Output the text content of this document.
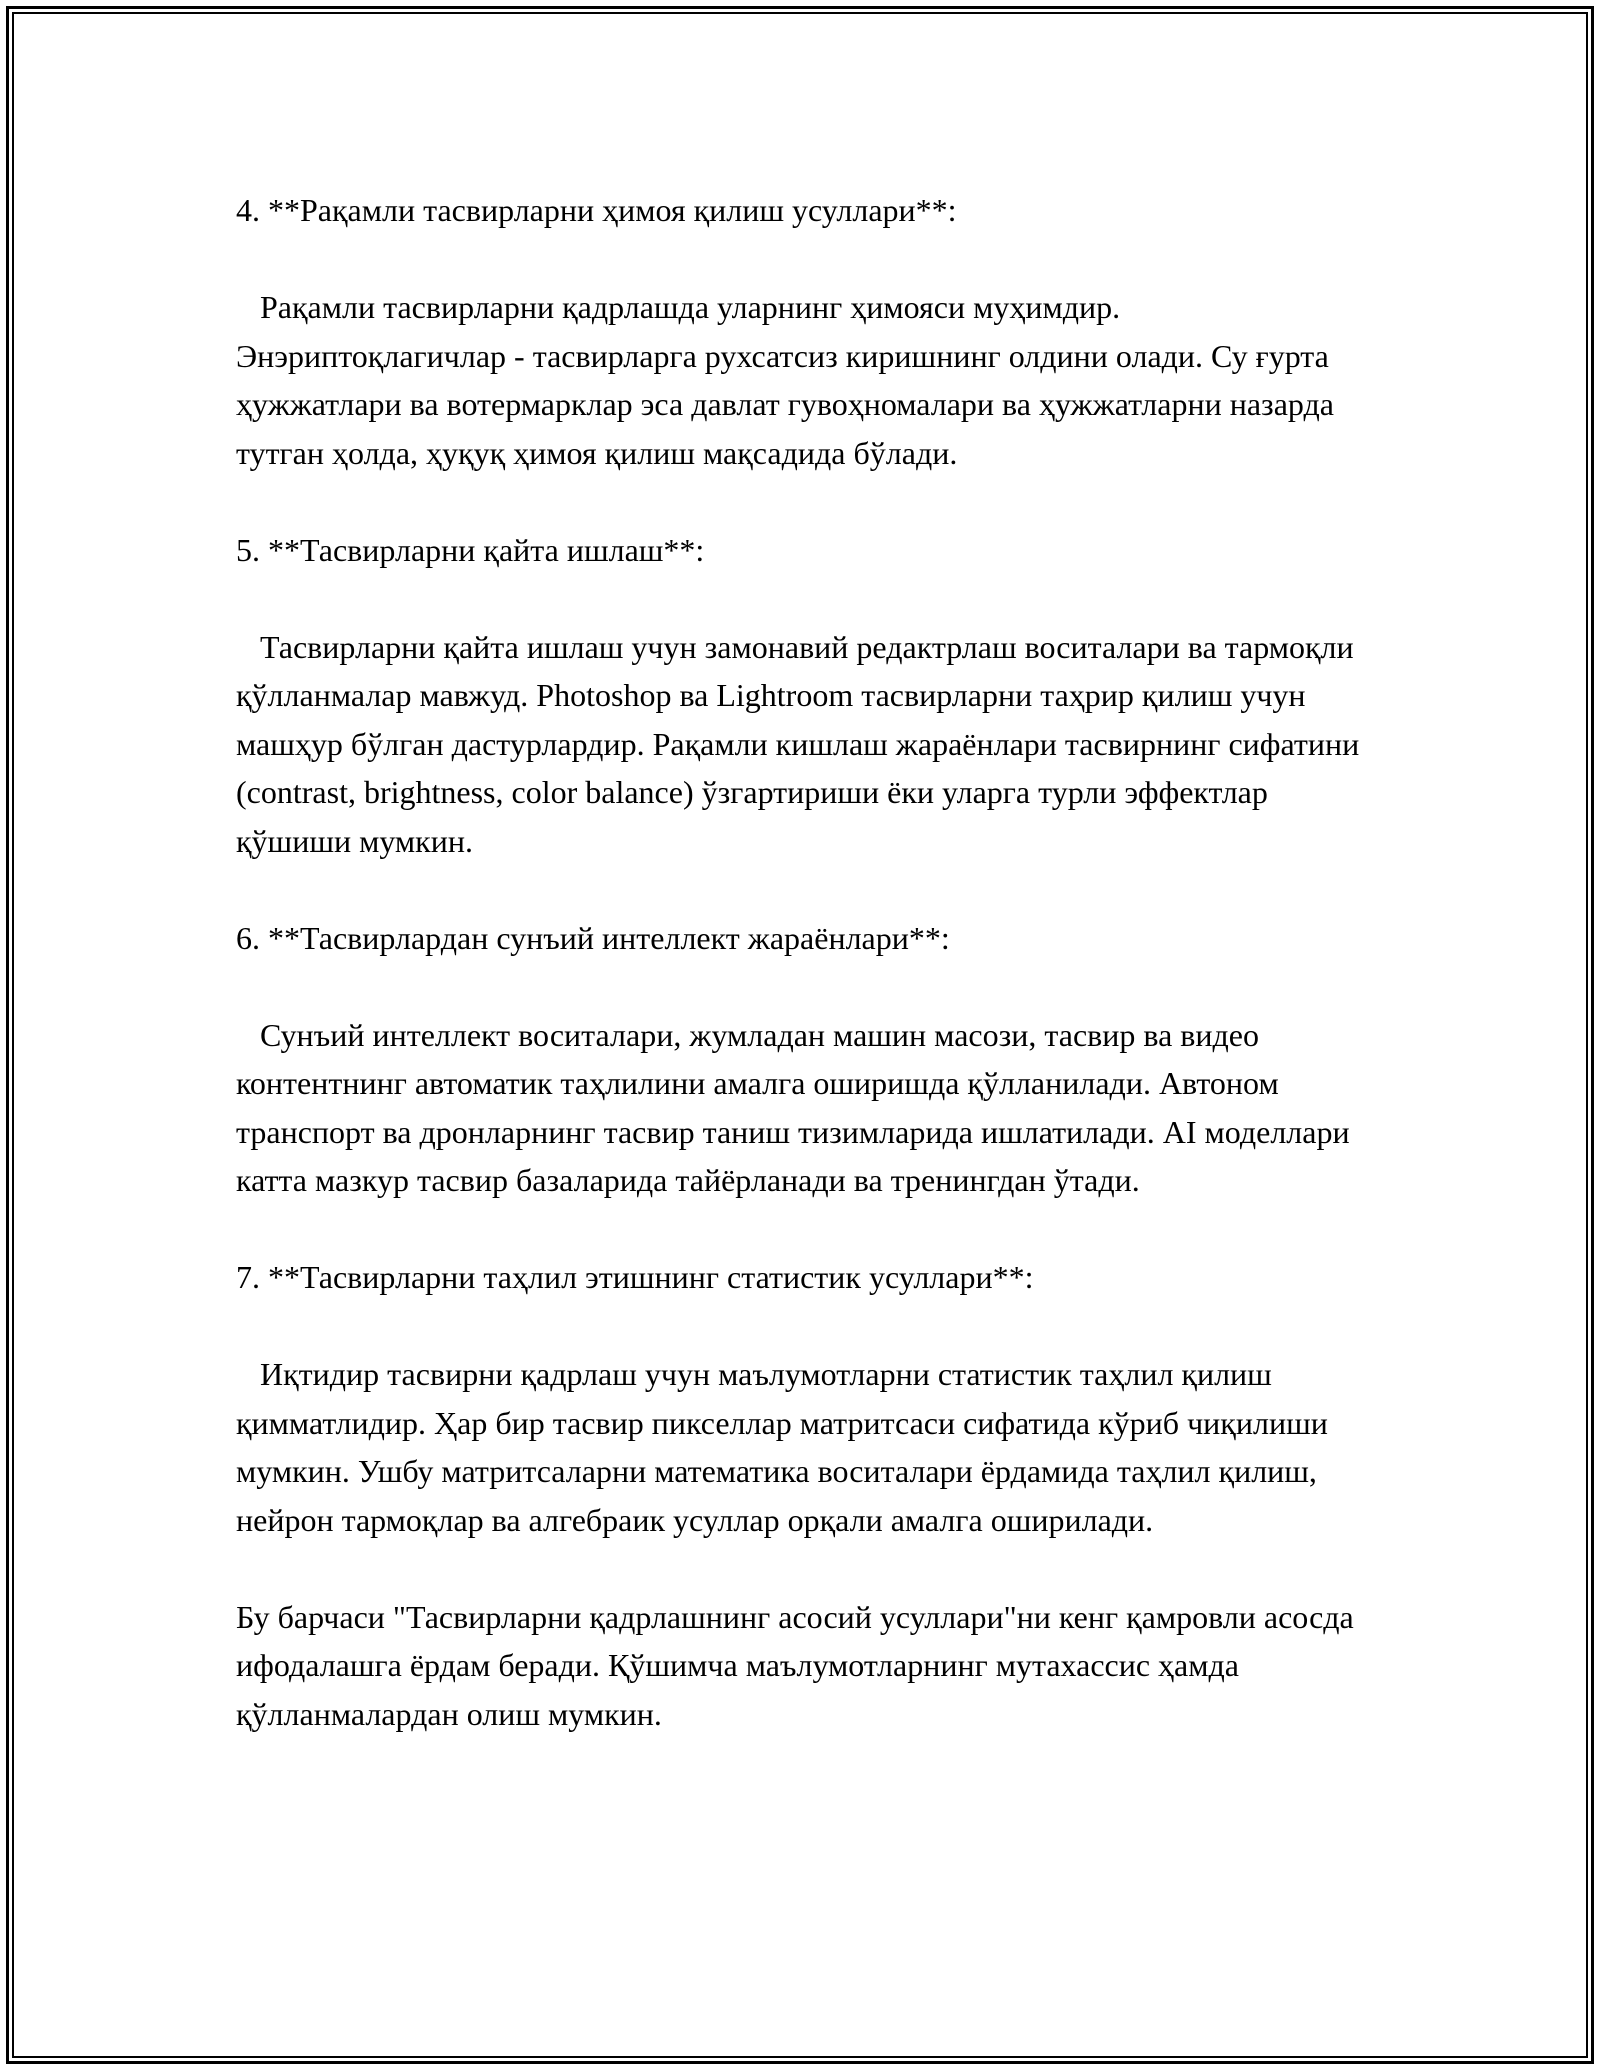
4. **Рақамли тасвирларни ҳимоя қилиш усуллари**:

Рақамли тасвирларни қадрлашда уларнинг ҳимояси муҳимдир. Энэриптоқлагичлар - тасвирларга рухсатсиз киришнинг олдини олади. Су ғурта ҳужжатлари ва вотермарклар эса давлат гувоҳномалари ва ҳужжатларни назарда тутган ҳолда, ҳуқуқ ҳимоя қилиш мақсадида бўлади.

5. **Тасвирларни қайта ишлаш**:

Тасвирларни қайта ишлаш учун замонавий редактрлаш воситалари ва тармоқли қўлланмалар мавжуд. Photoshop ва Lightroom тасвирларни таҳрир қилиш учун машҳур бўлган дастурлардир. Рақамли кишлаш жараёнлари тасвирнинг сифатини (contrast, brightness, color balance) ўзгартириши ёки уларга турли эффектлар қўшиши мумкин.

6. **Тасвирлардан сунъий интеллект жараёнлари**:

Сунъий интеллект воситалари, жумладан машин масози, тасвир ва видео контентнинг автоматик таҳлилини амалга оширишда қўлланилади. Автоном транспорт ва дронларнинг тасвир таниш тизимларида ишлатилади. AI моделлари катта мазкур тасвир базаларида тайёрланади ва тренингдан ўтади.

7. **Тасвирларни таҳлил этишнинг статистик усуллари**:

Иқтидир тасвирни қадрлаш учун маълумотларни статистик таҳлил қилиш қимматлидир. Ҳар бир тасвир пикселлар матритсаси сифатида кўриб чиқилиши мумкин. Ушбу матритсаларни математика воситалари ёрдамида таҳлил қилиш, нейрон тармоқлар ва алгебраик усуллар орқали амалга оширилади.

Бу барчаси "Тасвирларни қадрлашнинг асосий усуллари"ни кенг қамровли асосда ифодалашга ёрдам беради. Қўшимча маълумотларнинг мутахассис ҳамда қўлланмалардан олиш мумкин.
